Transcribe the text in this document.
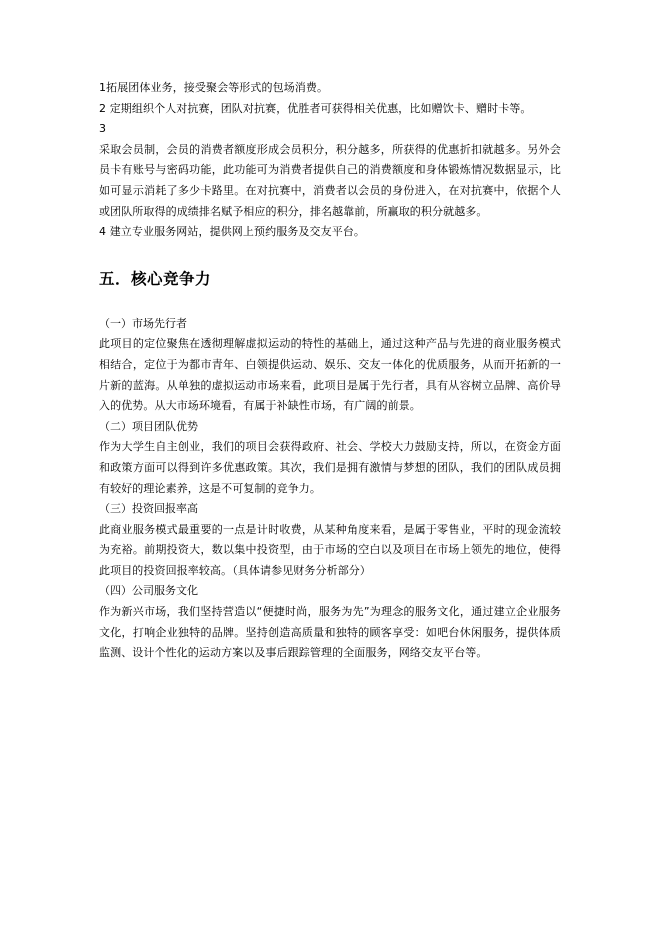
1拓展团体业务，接受聚会等形式的包场消费。

2 定期组织个人对抗赛，团队对抗赛，优胜者可获得相关优惠，比如赠饮卡、赠时卡等。

3

采取会员制，会员的消费者额度形成会员积分，积分越多，所获得的优惠折扣就越多。另外会员卡有账号与密码功能，此功能可为消费者提供自己的消费额度和身体锻炼情况数据显示，比如可显示消耗了多少卡路里。在对抗赛中，消费者以会员的身份进入，在对抗赛中，依据个人或团队所取得的成绩排名赋予相应的积分，排名越靠前，所赢取的积分就越多。

4 建立专业服务网站，提供网上预约服务及交友平台。

五．核心竞争力

（一）市场先行者

此项目的定位聚焦在透彻理解虚拟运动的特性的基础上，通过这种产品与先进的商业服务模式相结合，定位于为都市青年、白领提供运动、娱乐、交友一体化的优质服务，从而开拓新的一片新的蓝海。从单独的虚拟运动市场来看，此项目是属于先行者，具有从容树立品牌、高价导入的优势。从大市场环境看，有属于补缺性市场，有广阔的前景。

（二）项目团队优势

作为大学生自主创业，我们的项目会获得政府、社会、学校大力鼓励支持，所以，在资金方面和政策方面可以得到许多优惠政策。其次，我们是拥有激情与梦想的团队，我们的团队成员拥有较好的理论素养，这是不可复制的竞争力。

（三）投资回报率高

此商业服务模式最重要的一点是计时收费，从某种角度来看，是属于零售业，平时的现金流较为充裕。前期投资大，数以集中投资型，由于市场的空白以及项目在市场上领先的地位，使得此项目的投资回报率较高。（具体请参见财务分析部分）

（四）公司服务文化

作为新兴市场，我们坚持营造以“便捷时尚，服务为先”为理念的服务文化，通过建立企业服务文化，打响企业独特的品牌。坚持创造高质量和独特的顾客享受：如吧台休闲服务，提供体质监测、设计个性化的运动方案以及事后跟踪管理的全面服务，网络交友平台等。
